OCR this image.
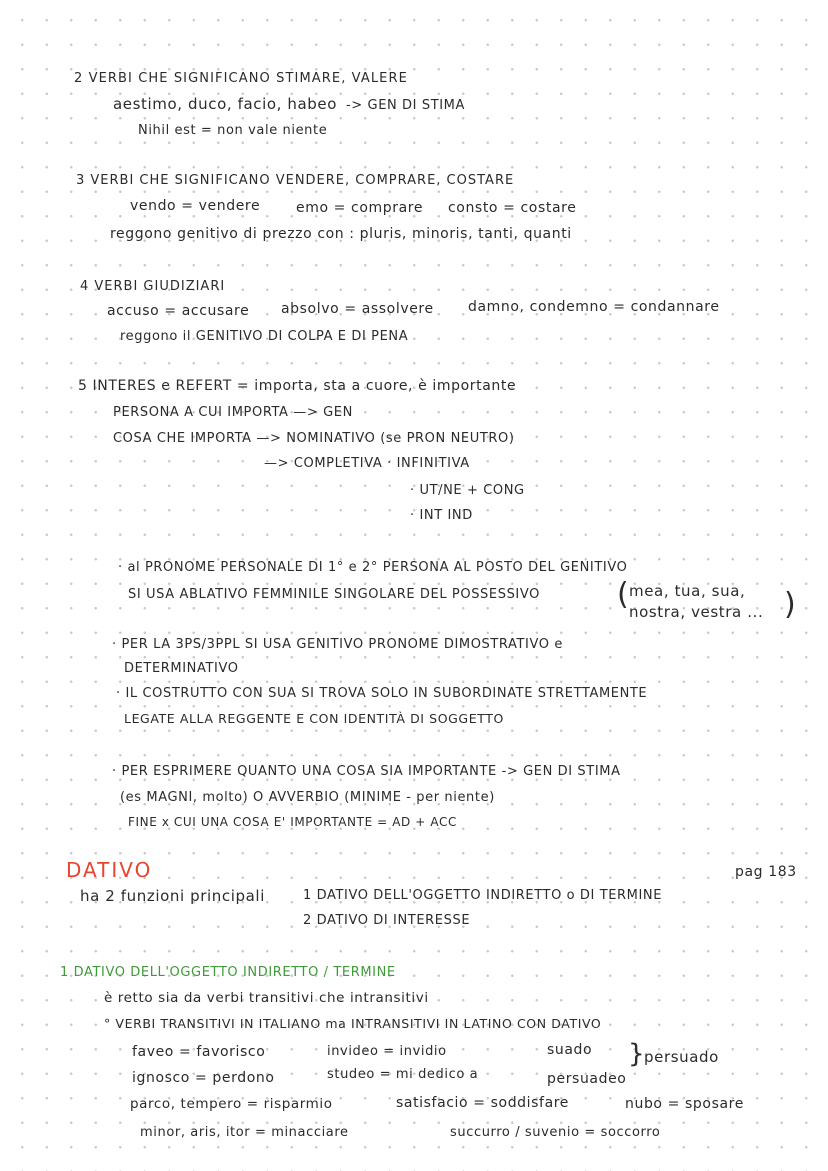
2 VERBI CHE SIGNIFICANO STIMARE, VALERE
aestimo, duco, facio, habeo -> GEN DI STIMA
Nihil est = non vale niente
3 VERBI CHE SIGNIFICANO VENDERE, COMPRARE, COSTARE
vendo = vendere	emo = comprare consto = costare
reggono genitivo di prezzo con : pluris, minoris, tanti, quanti
4 VERBI GIUDIZIARI
accuso = accusare absolvo = assolvere damno, condemno = condannare
reggono il GENITIVO DI COLPA E DI PENA
5 INTERES e REFERT = importa, sta a cuore, è importante
PERSONA A CUI IMPORTA —> GEN
COSA CHE IMPORTA —> NOMINATIVO (se PRON NEUTRO)
—> COMPLETIVA · INFINITIVA
· UT/NE + CONG
· INT IND
· al PRONOME PERSONALE DI 1° e 2° PERSONA AL POSTO DEL GENITIVO
SI USA ABLATIVO FEMMINILE SINGOLARE DEL POSSESSIVO	( mea, tua, sua,
nostra, vestra ... )
· PER LA 3PS/3PPL SI USA GENITIVO PRONOME DIMOSTRATIVO e
DETERMINATIVO
· IL COSTRUTTO CON SUA SI TROVA SOLO IN SUBORDINATE STRETTAMENTE
LEGATE ALLA REGGENTE E CON IDENTITÀ DI SOGGETTO
· PER ESPRIMERE QUANTO UNA COSA SIA IMPORTANTE -> GEN DI STIMA
(es MAGNI, molto) O AVVERBIO (MINIME - per niente)
FINE x CUI UNA COSA E' IMPORTANTE = AD + ACC
DATIVO	pag 183
ha 2 funzioni principali	1 DATIVO DELL'OGGETTO INDIRETTO o DI TERMINE
2 DATIVO DI INTERESSE
1 DATIVO DELL'OGGETTO INDIRETTO / TERMINE
è retto sia da verbi transitivi che intransitivi
° VERBI TRANSITIVI IN ITALIANO ma INTRANSITIVI IN LATINO CON DATIVO
faveo = favorisco	invideo = invidio	suado } persuado
ignosco = perdono	studeo = mi dedico a	persuadeo
parco, tempero = risparmio	satisfacio = soddisfare	nubo = sposare
minor, aris, itor = minacciare	succurro / suvenio = soccorro
